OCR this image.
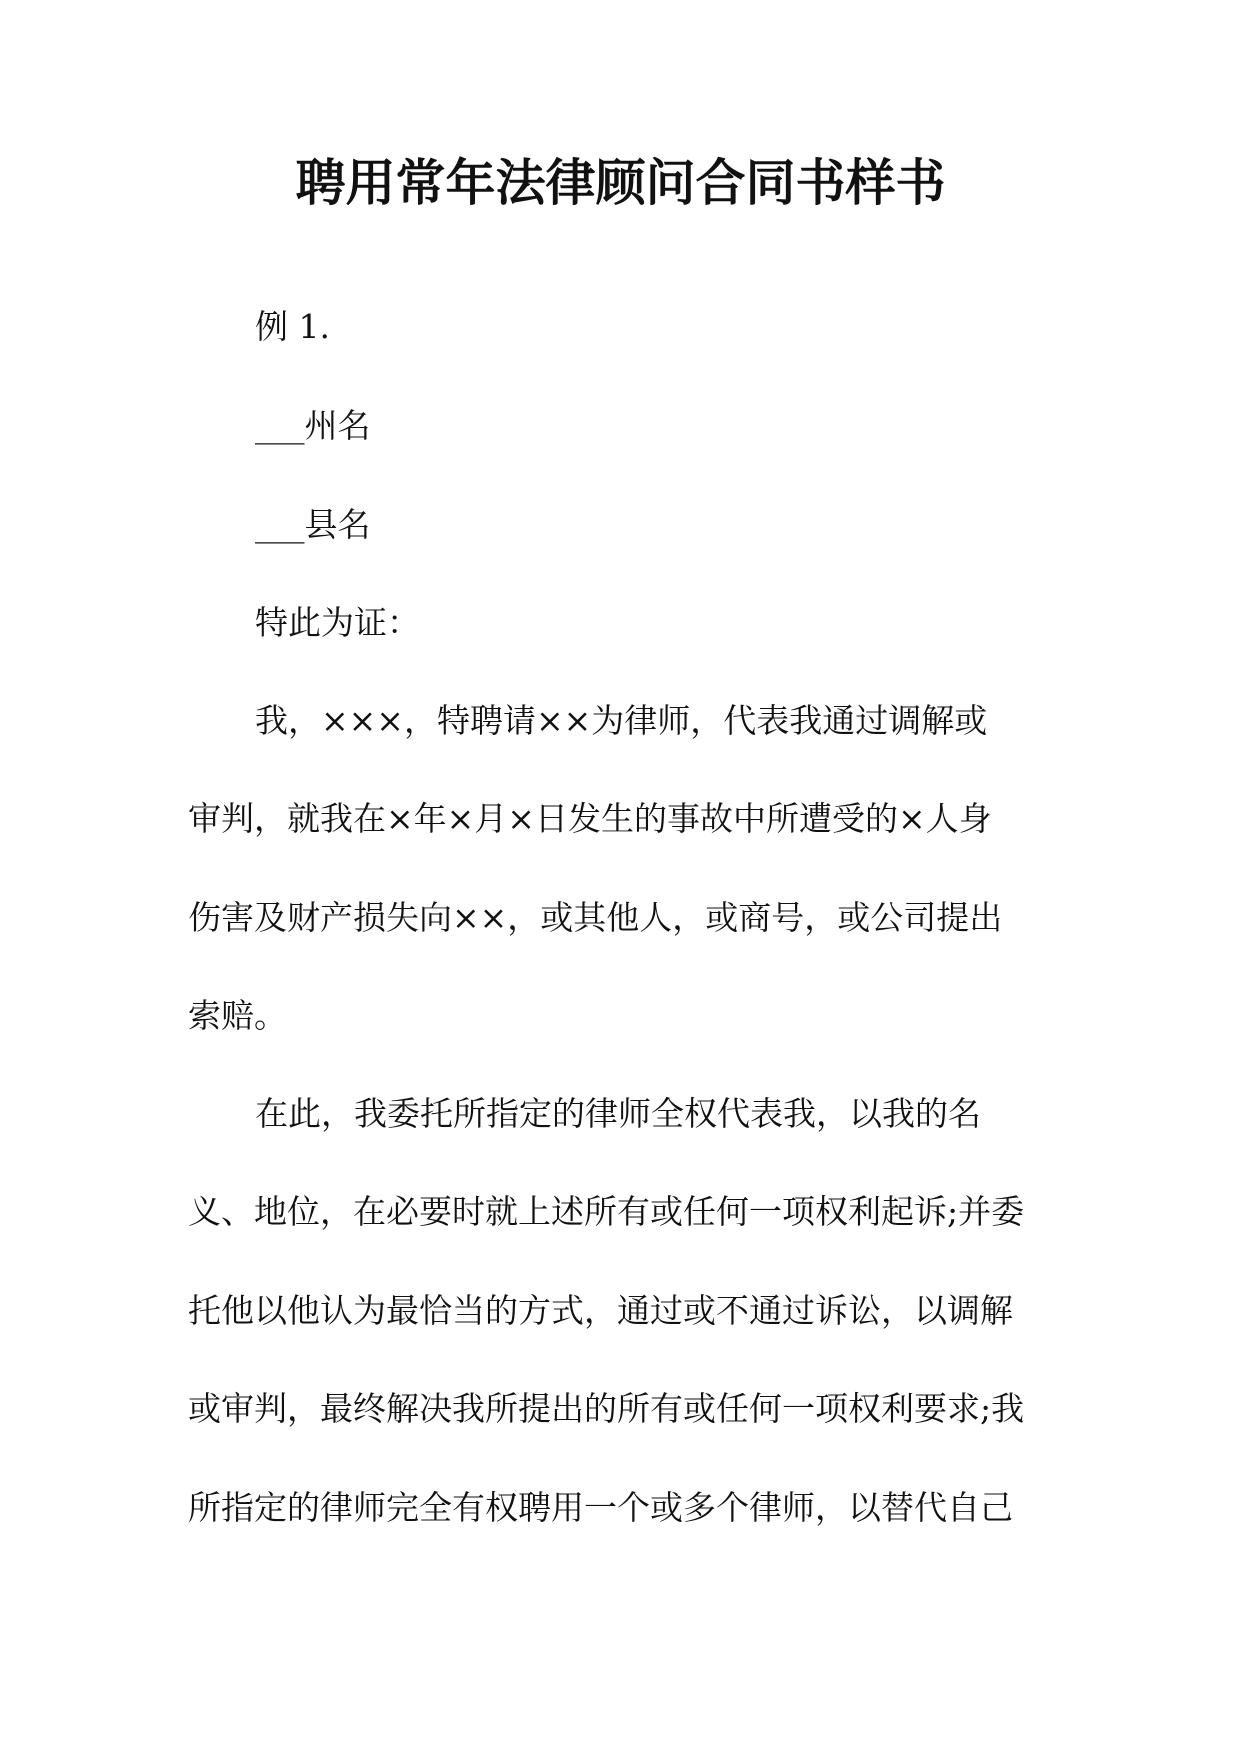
聘用常年法律顾问合同书样书
例 1.
___州名
___县名
特此为证：
我，×××，特聘请××为律师，代表我通过调解或
审判，就我在×年×月×日发生的事故中所遭受的×人身
伤害及财产损失向××，或其他人，或商号，或公司提出
索赔。
在此，我委托所指定的律师全权代表我，以我的名
义、地位，在必要时就上述所有或任何一项权利起诉;并委
托他以他认为最恰当的方式，通过或不通过诉讼，以调解
或审判，最终解决我所提出的所有或任何一项权利要求;我
所指定的律师完全有权聘用一个或多个律师，以替代自己
